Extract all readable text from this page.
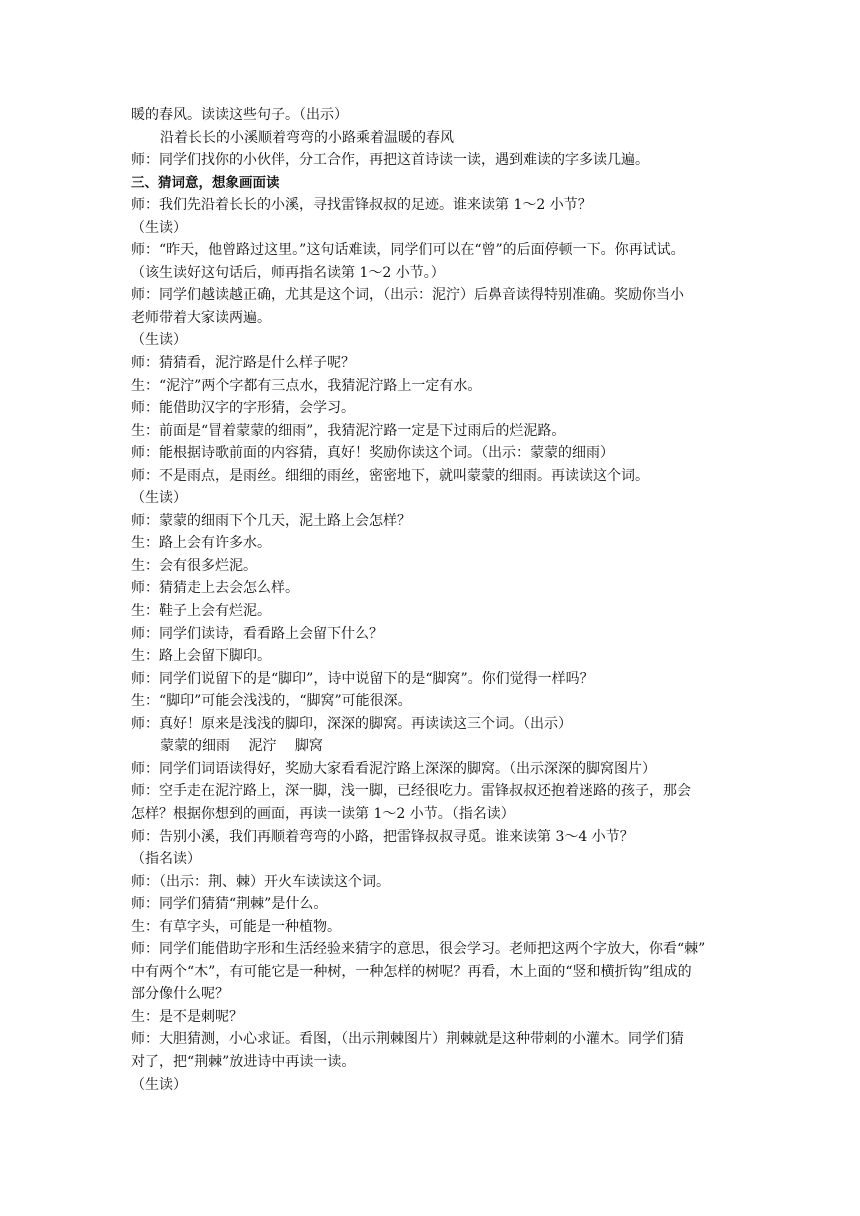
暖的春风。读读这些句子。（出示）
沿着长长的小溪顺着弯弯的小路乘着温暖的春风
师：同学们找你的小伙伴，分工合作，再把这首诗读一读，遇到难读的字多读几遍。
三、猜词意，想象画面读
师：我们先沿着长长的小溪，寻找雷锋叔叔的足迹。谁来读第 1～2 小节？
（生读）
师：“昨天，他曾路过这里。”这句话难读，同学们可以在“曾”的后面停顿一下。你再试试。
（该生读好这句话后，师再指名读第 1～2 小节。）
师：同学们越读越正确，尤其是这个词，（出示：泥泞）后鼻音读得特别准确。奖励你当小
老师带着大家读两遍。
（生读）
师：猜猜看，泥泞路是什么样子呢？
生：“泥泞”两个字都有三点水，我猜泥泞路上一定有水。
师：能借助汉字的字形猜，会学习。
生：前面是“冒着蒙蒙的细雨”，我猜泥泞路一定是下过雨后的烂泥路。
师：能根据诗歌前面的内容猜，真好！奖励你读这个词。（出示：蒙蒙的细雨）
师：不是雨点，是雨丝。细细的雨丝，密密地下，就叫蒙蒙的细雨。再读读这个词。
（生读）
师：蒙蒙的细雨下个几天，泥土路上会怎样？
生：路上会有许多水。
生：会有很多烂泥。
师：猜猜走上去会怎么样。
生：鞋子上会有烂泥。
师：同学们读诗，看看路上会留下什么？
生：路上会留下脚印。
师：同学们说留下的是“脚印”，诗中说留下的是“脚窝”。你们觉得一样吗？
生：“脚印”可能会浅浅的，“脚窝”可能很深。
师：真好！原来是浅浅的脚印，深深的脚窝。再读读这三个词。（出示）
蒙蒙的细雨　 泥泞　 脚窝
师：同学们词语读得好，奖励大家看看泥泞路上深深的脚窝。（出示深深的脚窝图片）
师：空手走在泥泞路上，深一脚，浅一脚，已经很吃力。雷锋叔叔还抱着迷路的孩子，那会
怎样？根据你想到的画面，再读一读第 1～2 小节。（指名读）
师：告别小溪，我们再顺着弯弯的小路，把雷锋叔叔寻觅。谁来读第 3～4 小节？
（指名读）
师：（出示：荆、棘）开火车读读这个词。
师：同学们猜猜“荆棘”是什么。
生：有草字头，可能是一种植物。
师：同学们能借助字形和生活经验来猜字的意思，很会学习。老师把这两个字放大，你看“棘”
中有两个“木”，有可能它是一种树，一种怎样的树呢？再看，木上面的“竖和横折钩”组成的
部分像什么呢？
生：是不是刺呢？
师：大胆猜测，小心求证。看图，（出示荆棘图片）荆棘就是这种带刺的小灌木。同学们猜
对了，把“荆棘”放进诗中再读一读。
（生读）
